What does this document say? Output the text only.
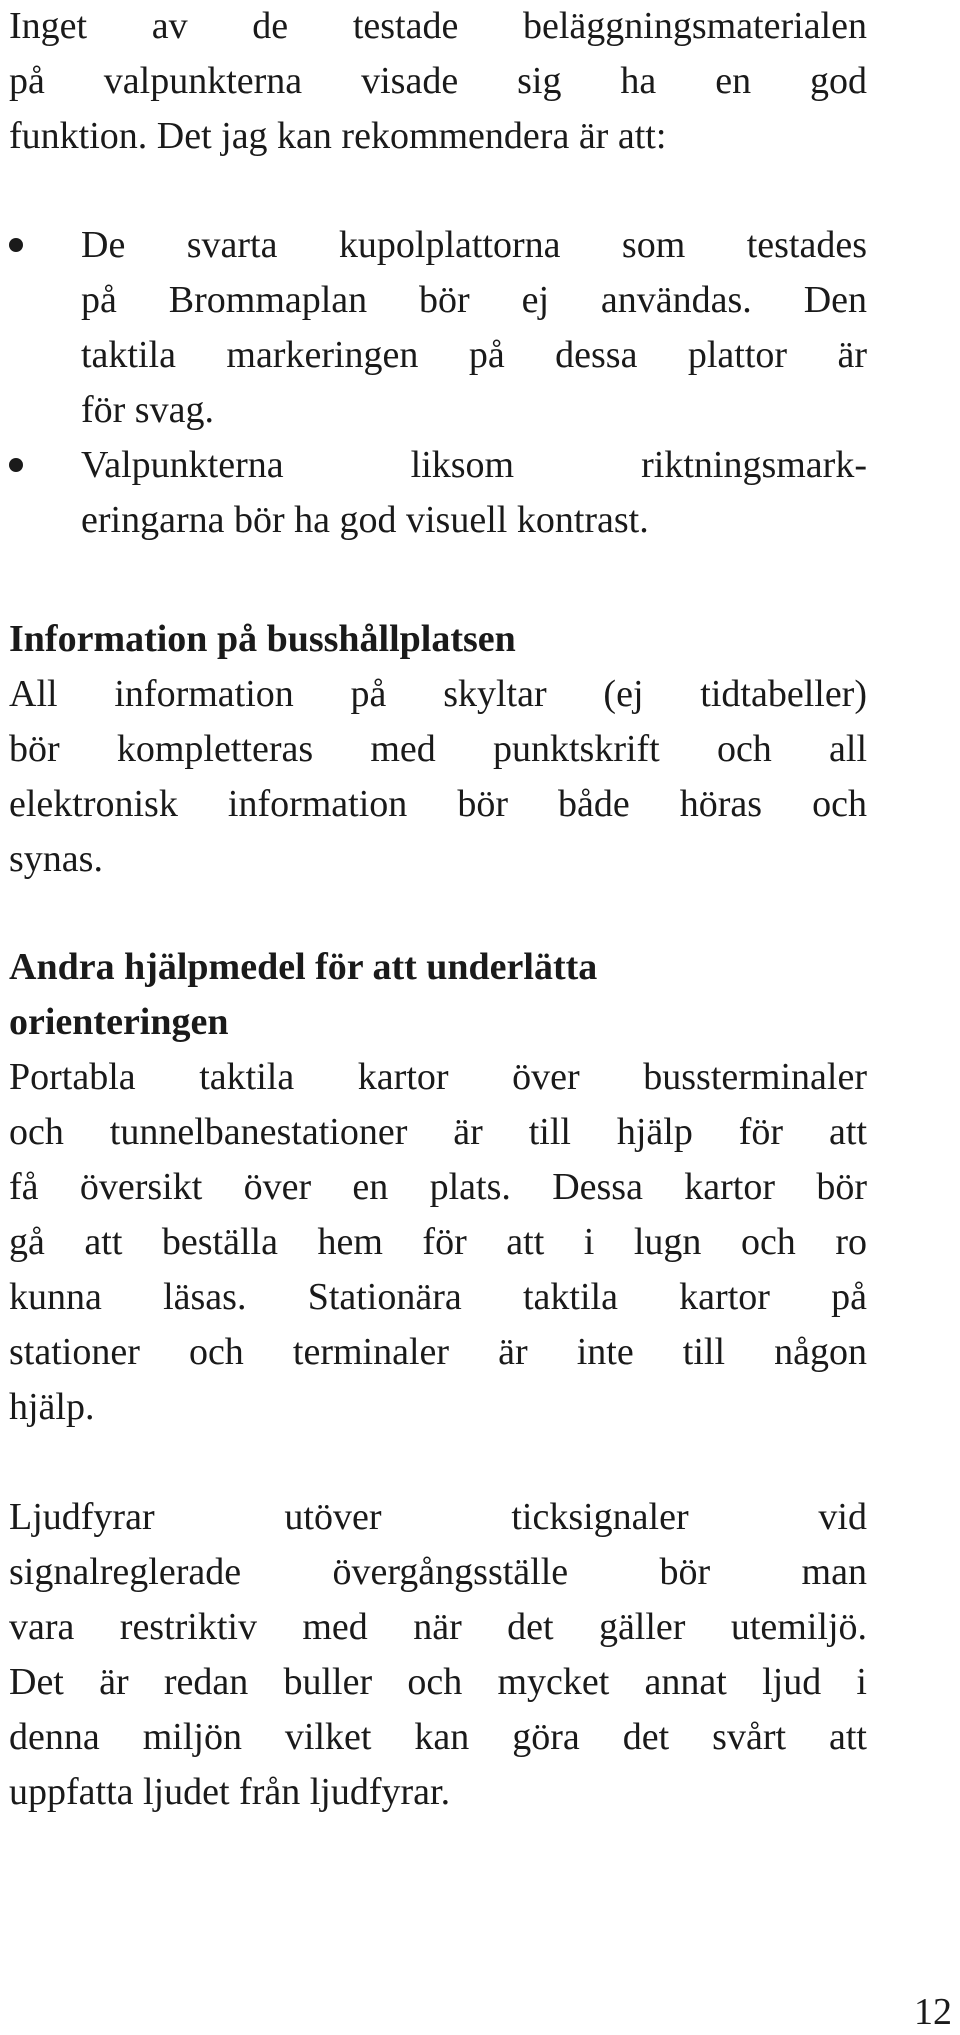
Inget av de testade beläggningsmaterialen
på valpunkterna visade sig ha en god
funktion. Det jag kan rekommendera är att:
De svarta kupolplattorna som testades
på Brommaplan bör ej användas. Den
taktila markeringen på dessa plattor är
för svag.
Valpunkterna liksom riktningsmark-
eringarna bör ha god visuell kontrast.
Information på busshållplatsen
All information på skyltar (ej tidtabeller)
bör kompletteras med punktskrift och all
elektronisk information bör både höras och
synas.
Andra hjälpmedel för att underlätta
orienteringen
Portabla taktila kartor över bussterminaler
och tunnelbanestationer är till hjälp för att
få översikt över en plats. Dessa kartor bör
gå att beställa hem för att i lugn och ro
kunna läsas. Stationära taktila kartor på
stationer och terminaler är inte till någon
hjälp.
Ljudfyrar utöver ticksignaler vid
signalreglerade övergångsställe bör man
vara restriktiv med när det gäller utemiljö.
Det är redan buller och mycket annat ljud i
denna miljön vilket kan göra det svårt att
uppfatta ljudet från ljudfyrar.
12
